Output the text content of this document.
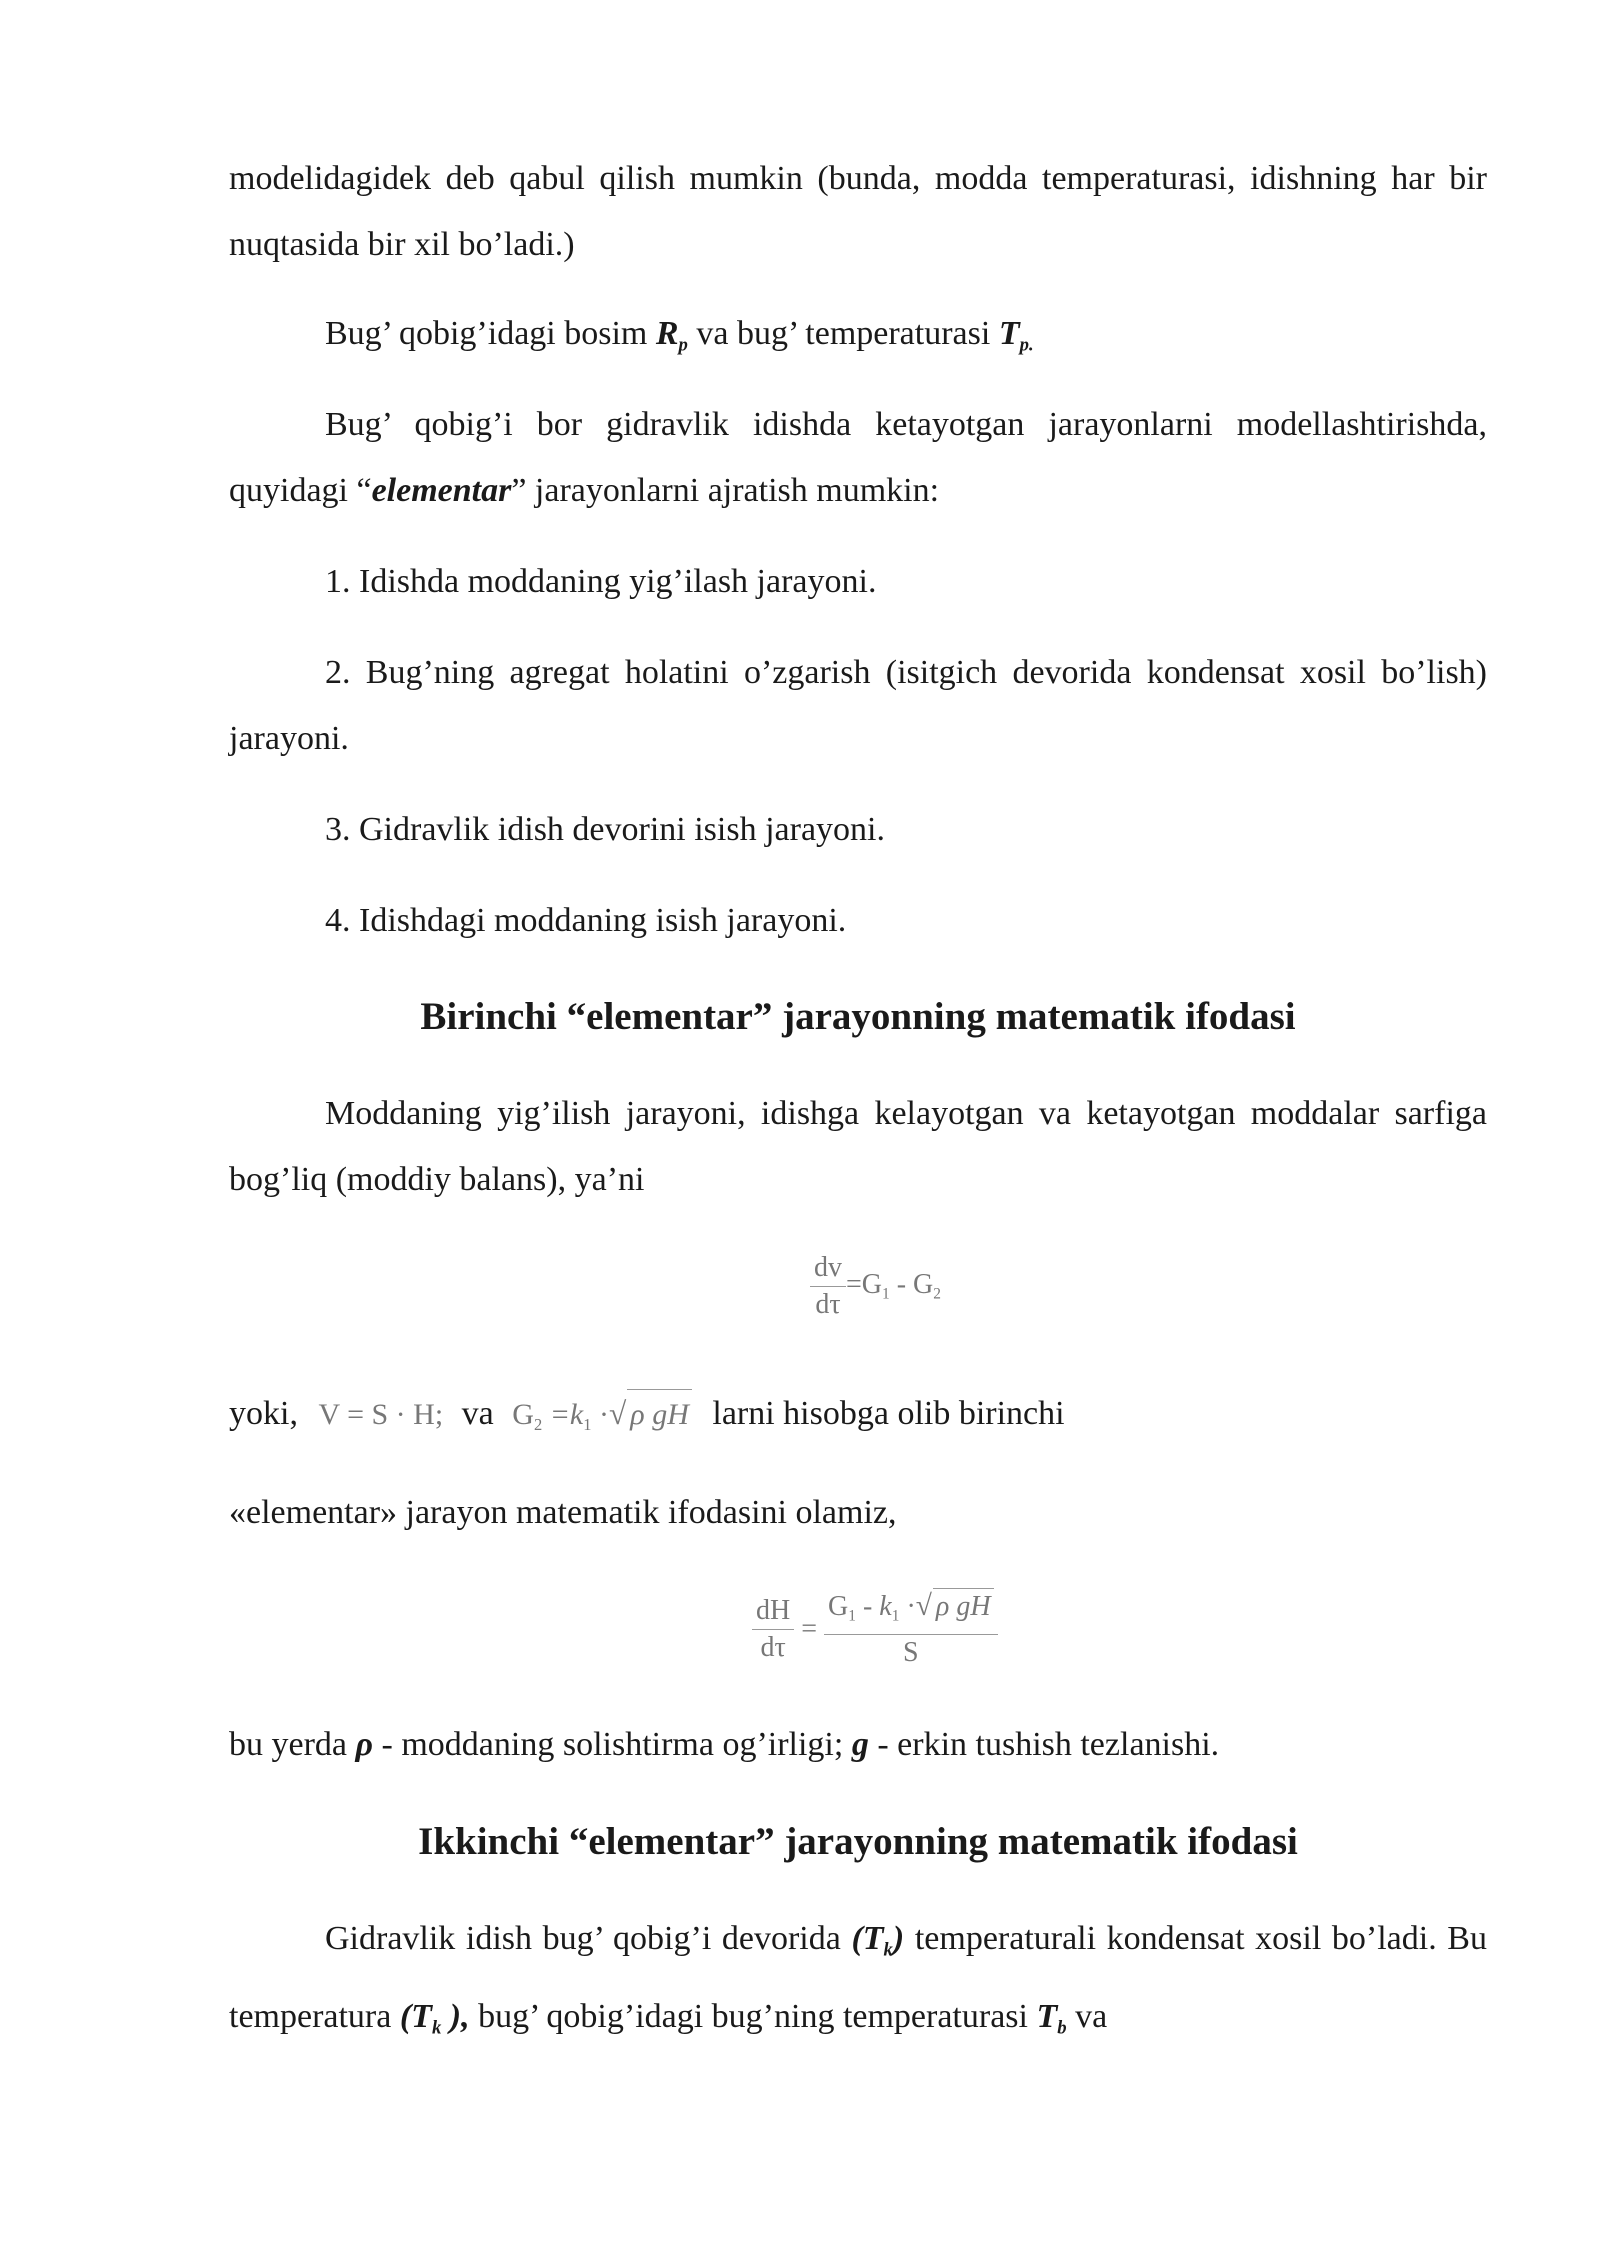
modelidagidek deb qabul qilish mumkin (bunda, modda temperaturasi, idishning har bir nuqtasida bir xil bo’ladi.)

Bug’ qobig’idagi bosim $R_p$ va bug’ temperaturasi $T_{p.}$

Bug’ qobig’i bor gidravlik idishda ketayotgan jarayonlarni modellashtirishda, quyidagi “elementar” jarayonlarni ajratish mumkin:

1. Idishda moddaning yig’ilash jarayoni.

2. Bug’ning agregat holatini o’zgarish (isitgich devorida kondensat xosil bo’lish) jarayoni.

3. Gidravlik idish devorini isish jarayoni.

4. Idishdagi moddaning isish jarayoni.

Birinchi “elementar” jarayonning matematik ifodasi

Moddaning yig’ilish jarayoni, idishga kelayotgan va ketayotgan moddalar sarfiga bog’liq (moddiy balans), ya’ni

$\frac{dv}{d\tau} =G_1 - G_2$
yoki, V = S · H; va $G_2 =k_1$ ·√ ρ gH larni hisobga olib birinchi

«elementar» jarayon matematik ifodasini olamiz,

$\frac{dH}{d\tau} = \frac{G_1 - k_1 \cdot√ \rho gH}{S}$

bu yerda ρ - moddaning solishtirma og’irligi; g - erkin tushish tezlanishi.

Ikkinchi “elementar” jarayonning matematik ifodasi

Gidravlik idish bug’ qobig’i devorida $(T_k)$ temperaturali kondensat xosil bo’ladi. Bu temperatura ($T_k$ ), bug’ qobig’idagi bug’ning temperaturasi $T_b$ va
